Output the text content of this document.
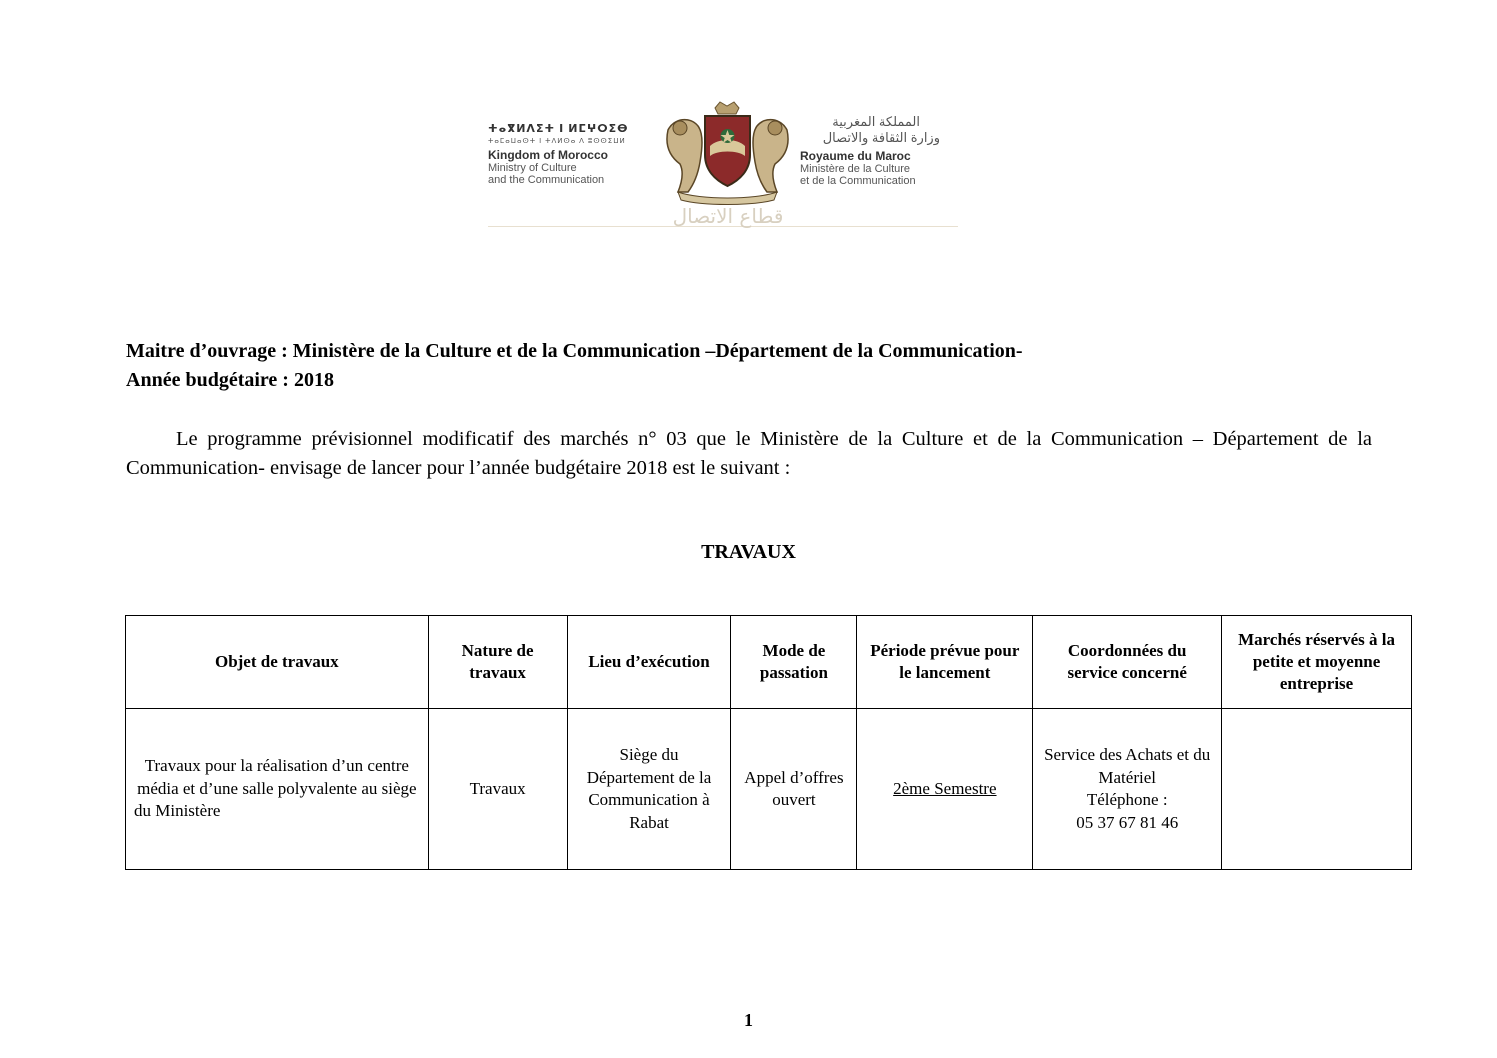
ⵜⴰⴳⵍⴷⵉⵜ ⵏ ⵍⵎⵖⵔⵉⴱ
ⵜⴰⵎⴰⵡⴰⵙⵜ ⵏ ⵜⴷⵍⵙⴰ ⴷ ⵓⵙⵙⵉⵡⵍ
Kingdom of Morocco
Ministry of Culture
and the Communication
المملكة المغربية
وزارة الثقافة والاتصال
Royaume du Maroc
Ministère de la Culture
et de la Communication
قطاع الاتصال
Maitre d’ouvrage : Ministère de la Culture et de la Communication –Département de la Communication-
Année budgétaire : 2018
Le programme prévisionnel modificatif des marchés n° 03 que le Ministère de la Culture et de la Communication – Département de la Communication- envisage de lancer pour l’année budgétaire 2018 est le suivant :
TRAVAUX
Objet de travaux	Nature de travaux	Lieu d’exécution	Mode de passation	Période prévue pour le lancement	Coordonnées du service concerné	Marchés réservés à la petite et moyenne entreprise
Travaux pour la réalisation d’un centre média et d’une salle polyvalente au siège du Ministère	Travaux	Siège du Département de la Communication à Rabat	Appel d’offres ouvert	2ème Semestre	Service des Achats et du Matériel
Téléphone :
05 37 67 81 46	

1
